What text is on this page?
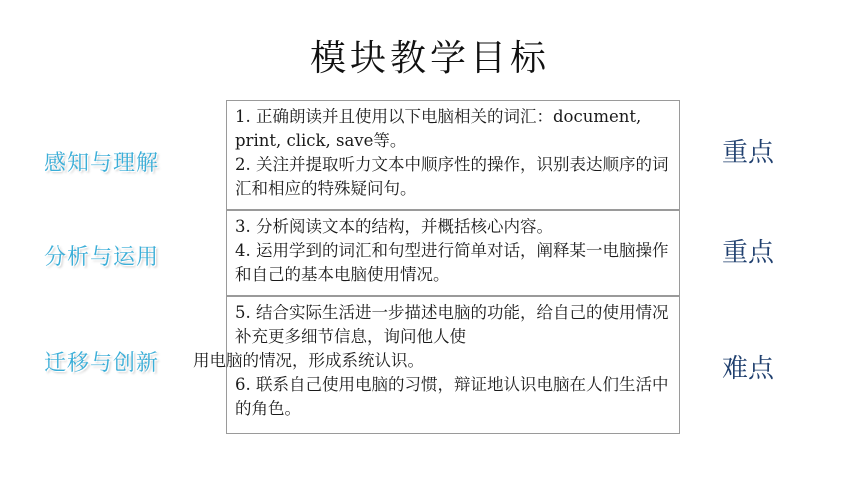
模块教学目标
感知与理解

1. 正确朗读并且使用以下电脑相关的词汇：document, print, click, save等。

2. 关注并提取听力文本中顺序性的操作，识别表达顺序的词汇和相应的特殊疑问句。

重点
分析与运用

3. 分析阅读文本的结构，并概括核心内容。

4. 运用学到的词汇和句型进行简单对话，阐释某一电脑操作和自己的基本电脑使用情况。

重点
迁移与创新

5. 结合实际生活进一步描述电脑的功能，给自己的使用情况补充更多细节信息，询问他人使

6. 联系自己使用电脑的习惯，辩证地认识电脑在人们生活中的角色。

用电脑的情况，形成系统认识。	难点
